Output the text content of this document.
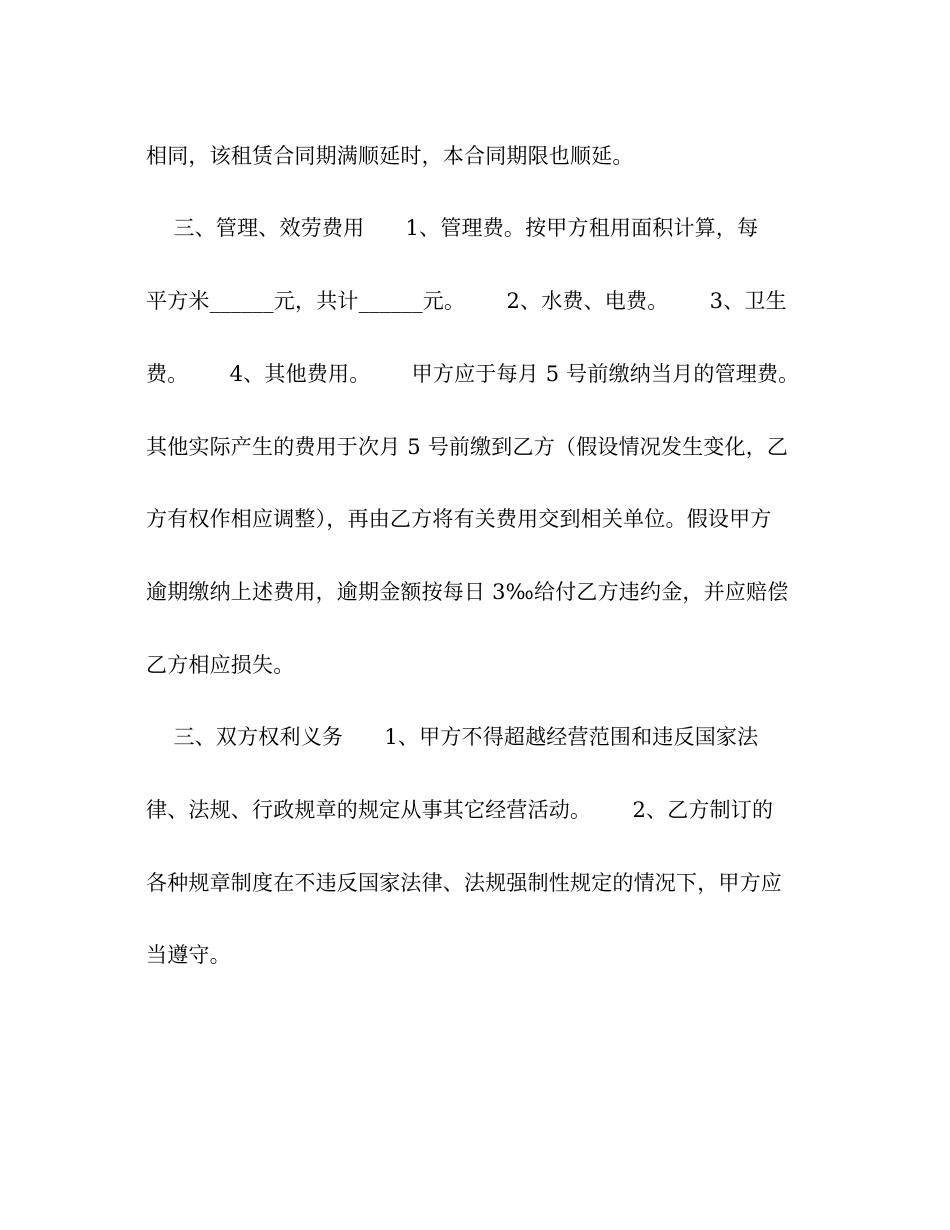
相同，该租赁合同期满顺延时，本合同期限也顺延。
三、管理、效劳费用      1、管理费。按甲方租用面积计算，每
平方米______元，共计______元。      2、水费、电费。      3、卫生
费。      4、其他费用。      甲方应于每月 5 号前缴纳当月的管理费。
其他实际产生的费用于次月 5 号前缴到乙方（假设情况发生变化，乙
方有权作相应调整），再由乙方将有关费用交到相关单位。假设甲方
逾期缴纳上述费用，逾期金额按每日 3‰给付乙方违约金，并应赔偿
乙方相应损失。
三、双方权利义务      1、甲方不得超越经营范围和违反国家法
律、法规、行政规章的规定从事其它经营活动。      2、乙方制订的
各种规章制度在不违反国家法律、法规强制性规定的情况下，甲方应
当遵守。
